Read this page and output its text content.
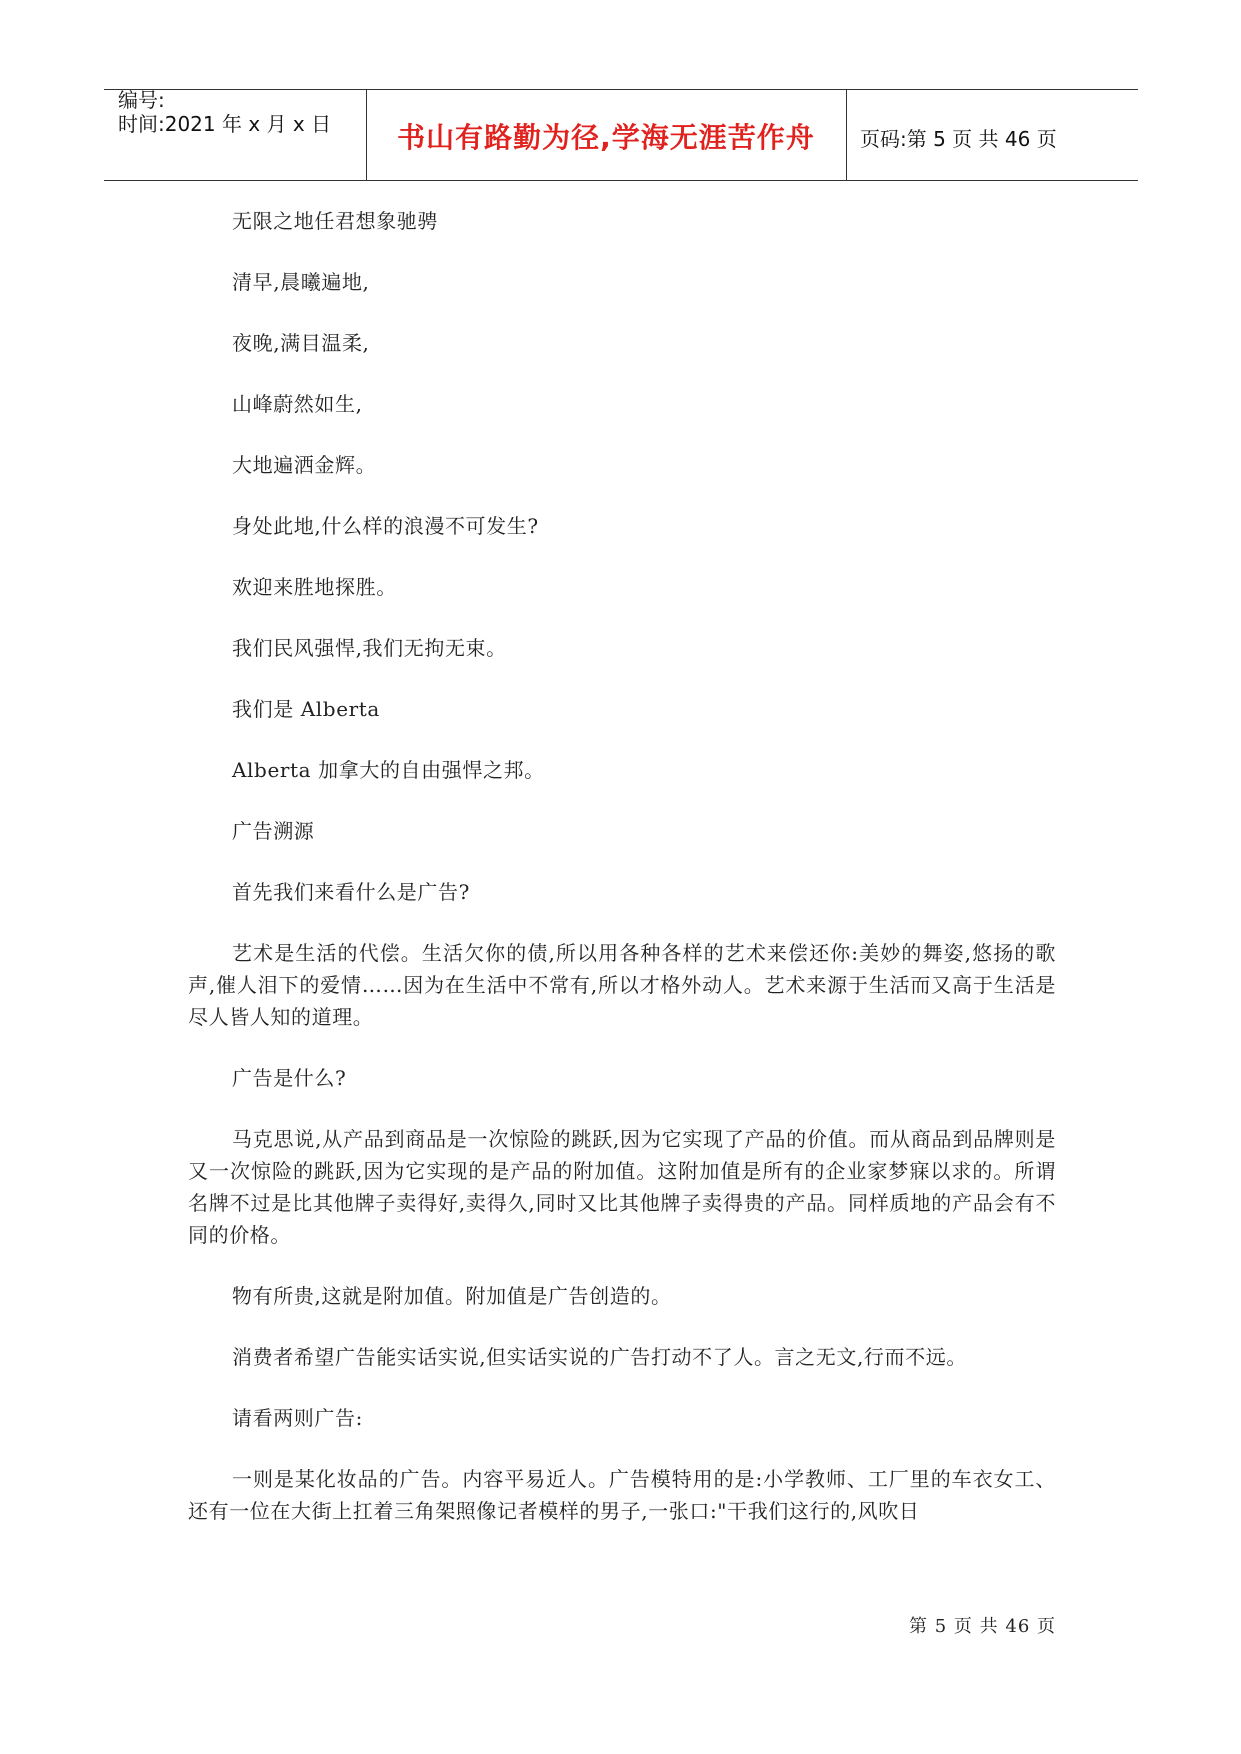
编号:
时间:2021 年 x 月 x 日	书山有路勤为径,学海无涯苦作舟	页码:第 5 页 共 46 页

无限之地任君想象驰骋

清早,晨曦遍地,

夜晚,满目温柔,

山峰蔚然如生,

大地遍洒金辉。

身处此地,什么样的浪漫不可发生?

欢迎来胜地探胜。

我们民风强悍,我们无拘无束。

我们是 Alberta

Alberta 加拿大的自由强悍之邦。

广告溯源

首先我们来看什么是广告?

艺术是生活的代偿。生活欠你的债,所以用各种各样的艺术来偿还你:美妙的舞姿,悠扬的歌声,催人泪下的爱情……因为在生活中不常有,所以才格外动人。艺术来源于生活而又高于生活是尽人皆人知的道理。

广告是什么?

马克思说,从产品到商品是一次惊险的跳跃,因为它实现了产品的价值。而从商品到品牌则是又一次惊险的跳跃,因为它实现的是产品的附加值。这附加值是所有的企业家梦寐以求的。所谓名牌不过是比其他牌子卖得好,卖得久,同时又比其他牌子卖得贵的产品。同样质地的产品会有不同的价格。

物有所贵,这就是附加值。附加值是广告创造的。

消费者希望广告能实话实说,但实话实说的广告打动不了人。言之无文,行而不远。

请看两则广告:

一则是某化妆品的广告。内容平易近人。广告模特用的是:小学教师、工厂里的车衣女工、还有一位在大街上扛着三角架照像记者模样的男子,一张口:"干我们这行的,风吹日

第 5 页 共 46 页
